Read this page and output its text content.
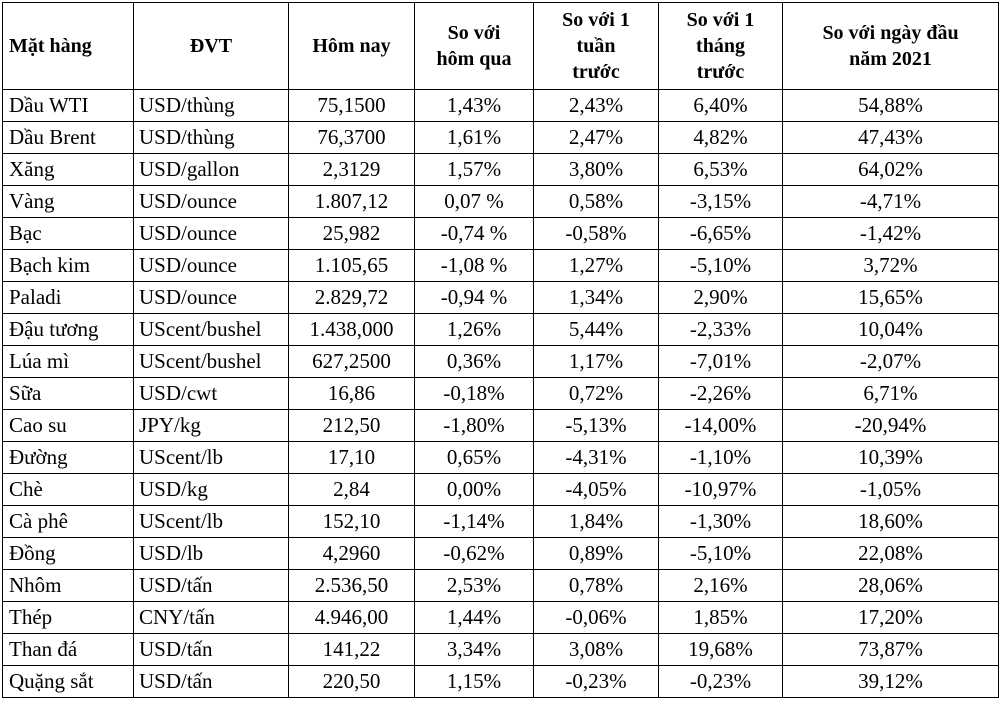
Mặt hàng	ĐVT	Hôm nay	So với hôm qua	So với 1 tuần trước	So với 1 tháng trước	So với ngày đầu năm 2021
Dầu WTI	USD/thùng	75,1500	1,43%	2,43%	6,40%	54,88%
Dầu Brent	USD/thùng	76,3700	1,61%	2,47%	4,82%	47,43%
Xăng	USD/gallon	2,3129	1,57%	3,80%	6,53%	64,02%
Vàng	USD/ounce	1.807,12	0,07 %	0,58%	-3,15%	-4,71%
Bạc	USD/ounce	25,982	-0,74 %	-0,58%	-6,65%	-1,42%
Bạch kim	USD/ounce	1.105,65	-1,08 %	1,27%	-5,10%	3,72%
Paladi	USD/ounce	2.829,72	-0,94 %	1,34%	2,90%	15,65%
Đậu tương	UScent/bushel	1.438,000	1,26%	5,44%	-2,33%	10,04%
Lúa mì	UScent/bushel	627,2500	0,36%	1,17%	-7,01%	-2,07%
Sữa	USD/cwt	16,86	-0,18%	0,72%	-2,26%	6,71%
Cao su	JPY/kg	212,50	-1,80%	-5,13%	-14,00%	-20,94%
Đường	UScent/lb	17,10	0,65%	-4,31%	-1,10%	10,39%
Chè	USD/kg	2,84	0,00%	-4,05%	-10,97%	-1,05%
Cà phê	UScent/lb	152,10	-1,14%	1,84%	-1,30%	18,60%
Đồng	USD/lb	4,2960	-0,62%	0,89%	-5,10%	22,08%
Nhôm	USD/tấn	2.536,50	2,53%	0,78%	2,16%	28,06%
Thép	CNY/tấn	4.946,00	1,44%	-0,06%	1,85%	17,20%
Than đá	USD/tấn	141,22	3,34%	3,08%	19,68%	73,87%
Quặng sắt	USD/tấn	220,50	1,15%	-0,23%	-0,23%	39,12%
